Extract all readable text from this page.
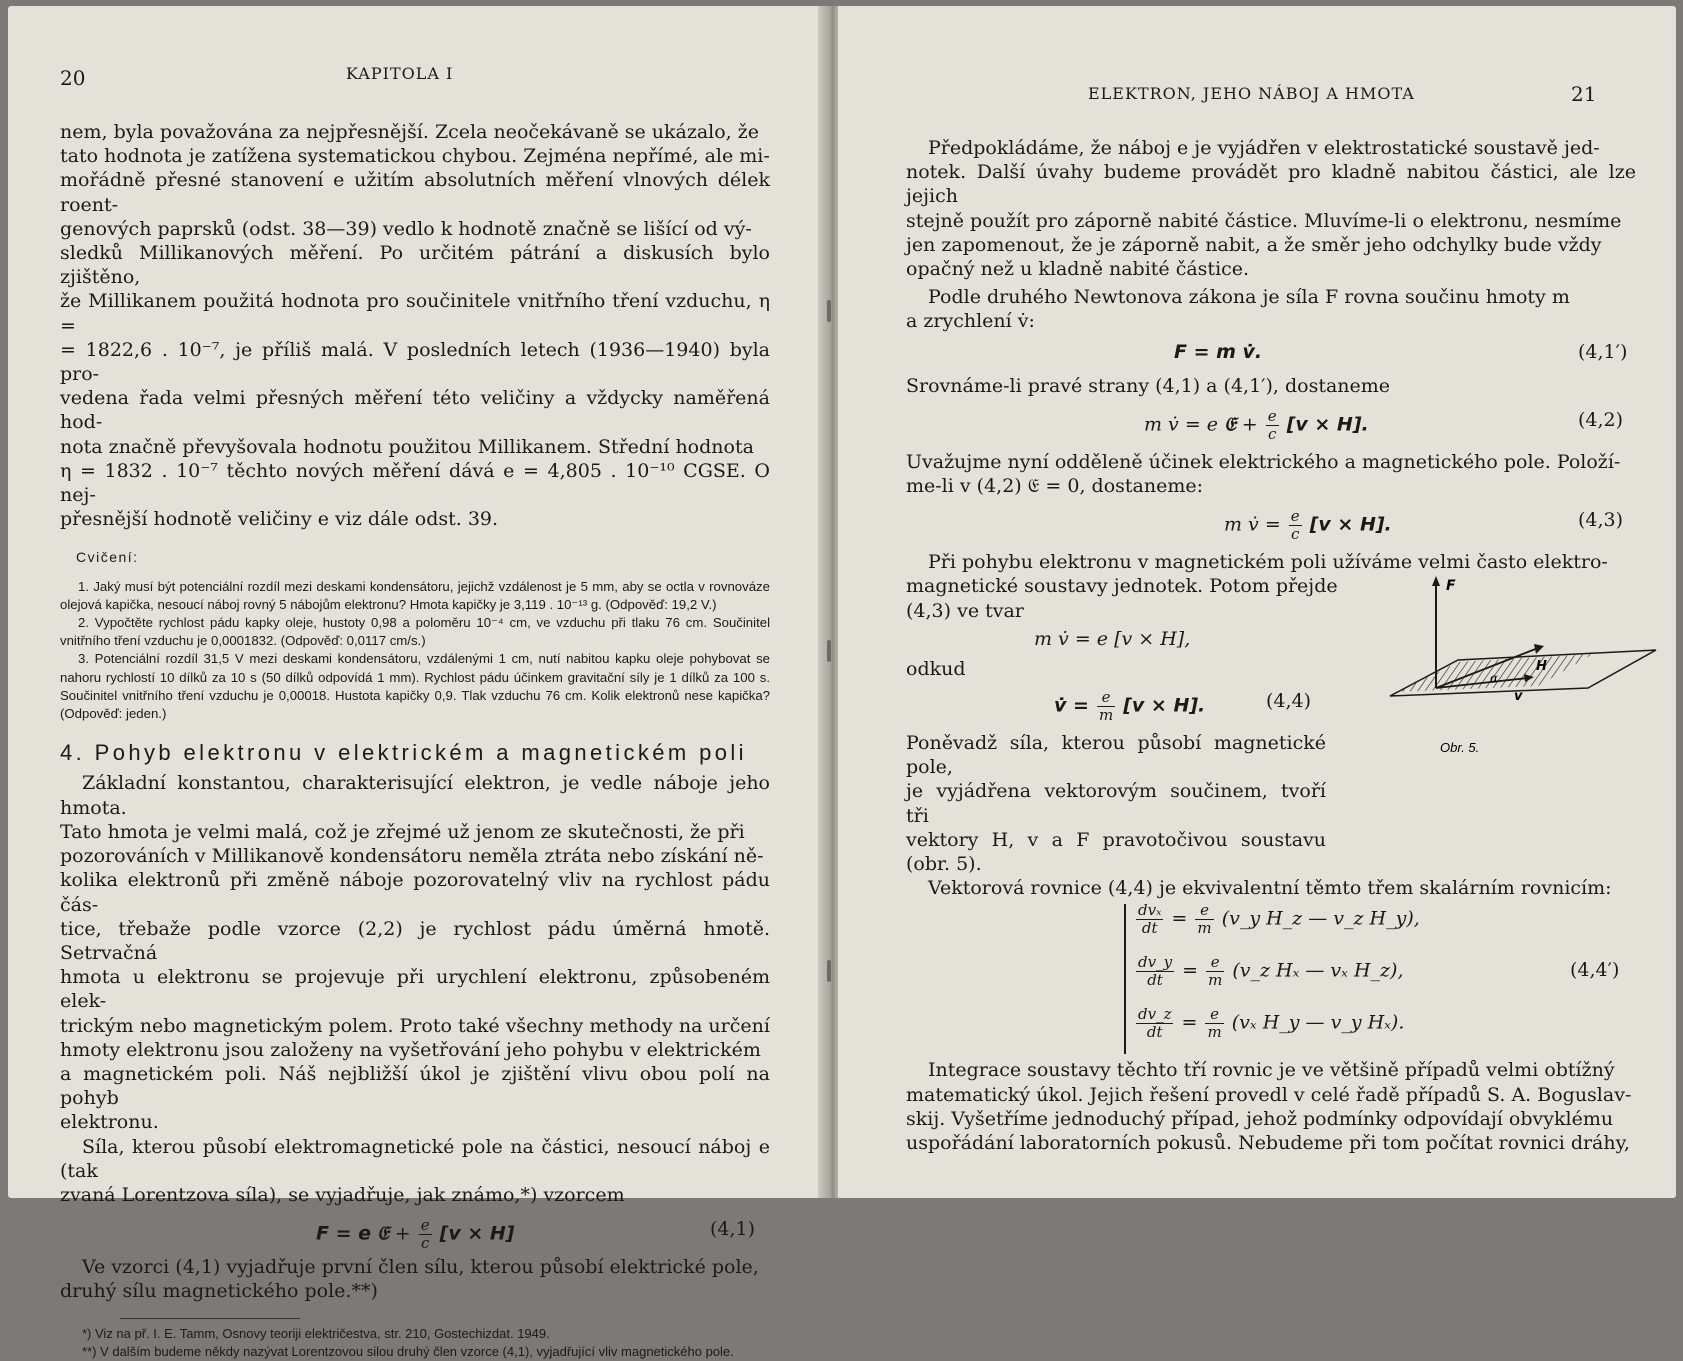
20	KAPITOLA I
nem, byla považována za nejpřesnější. Zcela neočekávaně se ukázalo, že
tato hodnota je zatížena systematickou chybou. Zejména nepřímé, ale mi-
mořádně přesné stanovení e užitím absolutních měření vlnových délek roent-
genových paprsků (odst. 38—39) vedlo k hodnotě značně se lišící od vý-
sledků Millikanových měření. Po určitém pátrání a diskusích bylo zjištěno,
že Millikanem použitá hodnota pro součinitele vnitřního tření vzduchu, η =
= 1822,6 . 10⁻⁷, je příliš malá. V posledních letech (1936—1940) byla pro-
vedena řada velmi přesných měření této veličiny a vždycky naměřená hod-
nota značně převyšovala hodnotu použitou Millikanem. Střední hodnota
η = 1832 . 10⁻⁷ těchto nových měření dává e = 4,805 . 10⁻¹⁰ CGSE. O nej-
přesnější hodnotě veličiny e viz dále odst. 39.
Cvičení:

1. Jaký musí být potenciální rozdíl mezi deskami kondensátoru, jejichž vzdálenost je 5 mm, aby se octla v rovnováze olejová kapička, nesoucí náboj rovný 5 nábojům elektronu? Hmota kapičky je 3,119 . 10⁻¹³ g. (Odpověď: 19,2 V.)

2. Vypočtěte rychlost pádu kapky oleje, hustoty 0,98 a poloměru 10⁻⁴ cm, ve vzduchu při tlaku 76 cm. Součinitel vnitřního tření vzduchu je 0,0001832. (Odpověď: 0,0117 cm/s.)

3. Potenciální rozdíl 31,5 V mezi deskami kondensátoru, vzdálenými 1 cm, nutí nabitou kapku oleje pohybovat se nahoru rychlostí 10 dílků za 10 s (50 dílků odpovídá 1 mm). Rychlost pádu účinkem gravitační síly je 1 dílků za 100 s. Součinitel vnitřního tření vzduchu je 0,00018. Hustota kapičky 0,9. Tlak vzduchu 76 cm. Kolik elektronů nese kapička? (Odpověď: jeden.)

4. Pohyb elektronu v elektrickém a magnetickém poli
Základní konstantou, charakterisující elektron, je vedle náboje jeho hmota.
Tato hmota je velmi malá, což je zřejmé už jenom ze skutečnosti, že při
pozorováních v Millikanově kondensátoru neměla ztráta nebo získání ně-
kolika elektronů při změně náboje pozorovatelný vliv na rychlost pádu čás-
tice, třebaže podle vzorce (2,2) je rychlost pádu úměrná hmotě. Setrvačná
hmota u elektronu se projevuje při urychlení elektronu, způsobeném elek-
trickým nebo magnetickým polem. Proto také všechny methody na určení
hmoty elektronu jsou založeny na vyšetřování jeho pohybu v elektrickém
a magnetickém poli. Náš nejbližší úkol je zjištění vlivu obou polí na pohyb
elektronu.
Síla, kterou působí elektromagnetické pole na částici, nesoucí náboj e (tak
zvaná Lorentzova síla), se vyjadřuje, jak známo,*) vzorcem
F = e 𝔈 + $\frac{e}{c} [v \times H]$	(4,1)
Ve vzorci (4,1) vyjadřuje první člen sílu, kterou působí elektrické pole,
druhý sílu magnetického pole.**)

*) Viz na př. I. E. Tamm, Osnovy teoriji električestva, str. 210, Gostechizdat. 1949.

**) V dalším budeme někdy nazývat Lorentzovou silou druhý člen vzorce (4,1), vyjadřující vliv magnetického pole.

ELEKTRON, JEHO NÁBOJ A HMOTA	21
Předpokládáme, že náboj e je vyjádřen v elektrostatické soustavě jed-
notek. Další úvahy budeme provádět pro kladně nabitou částici, ale lze jejich
stejně použít pro záporně nabité částice. Mluvíme-li o elektronu, nesmíme
jen zapomenout, že je záporně nabit, a že směr jeho odchylky bude vždy
opačný než u kladně nabité částice.
Podle druhého Newtonova zákona je síla F rovna součinu hmoty m
a zrychlení v̇:
F = m v̇.	(4,1′)
Srovnáme-li pravé strany (4,1) a (4,1′), dostaneme
m v̇ = e 𝔈 + $\frac{e}{c} [v \times H]$.	(4,2)
Uvažujme nyní odděleně účinek elektrického a magnetického pole. Položí-
me-li v (4,2) 𝔈 = 0, dostaneme:
m v̇ = $\frac{e}{c} [v \times H]$.	(4,3)
Při pohybu elektronu v magnetickém poli užíváme velmi často elektro-
magnetické soustavy jednotek. Potom přejde
(4,3) ve tvar
m v̇ = e [v × H],
odkud
v̇ = $\frac{e}{m} [v \times H]$.	(4,4)
Poněvadž síla, kterou působí magnetické pole,
je vyjádřena vektorovým součinem, tvoří tři
vektory H, v a F pravotočivou soustavu (obr. 5).
Vektorová rovnice (4,4) je ekvivalentní těmto třem skalárním rovnicím:
$\frac{\text{dvₓ}}{dt} = \frac{e}{m}$ (v_y H_z — v_z H_y),
$\frac{dv\_y}{dt} = \frac{e}{m}$ (v_z Hₓ — vₓ H_z),
$\frac{dv\_z}{dt} = \frac{e}{m} (v_x$ H_y — v_y Hₓ).
(4,4′)
Integrace soustavy těchto tří rovnic je ve většině případů velmi obtížný
matematický úkol. Jejich řešení provedl v celé řadě případů S. A. Boguslav-
skij. Vyšetříme jednoduchý případ, jehož podmínky odpovídají obvyklému
uspořádání laboratorních pokusů. Nebudeme při tom počítat rovnici dráhy,
F
H
v
α
Obr. 5.
